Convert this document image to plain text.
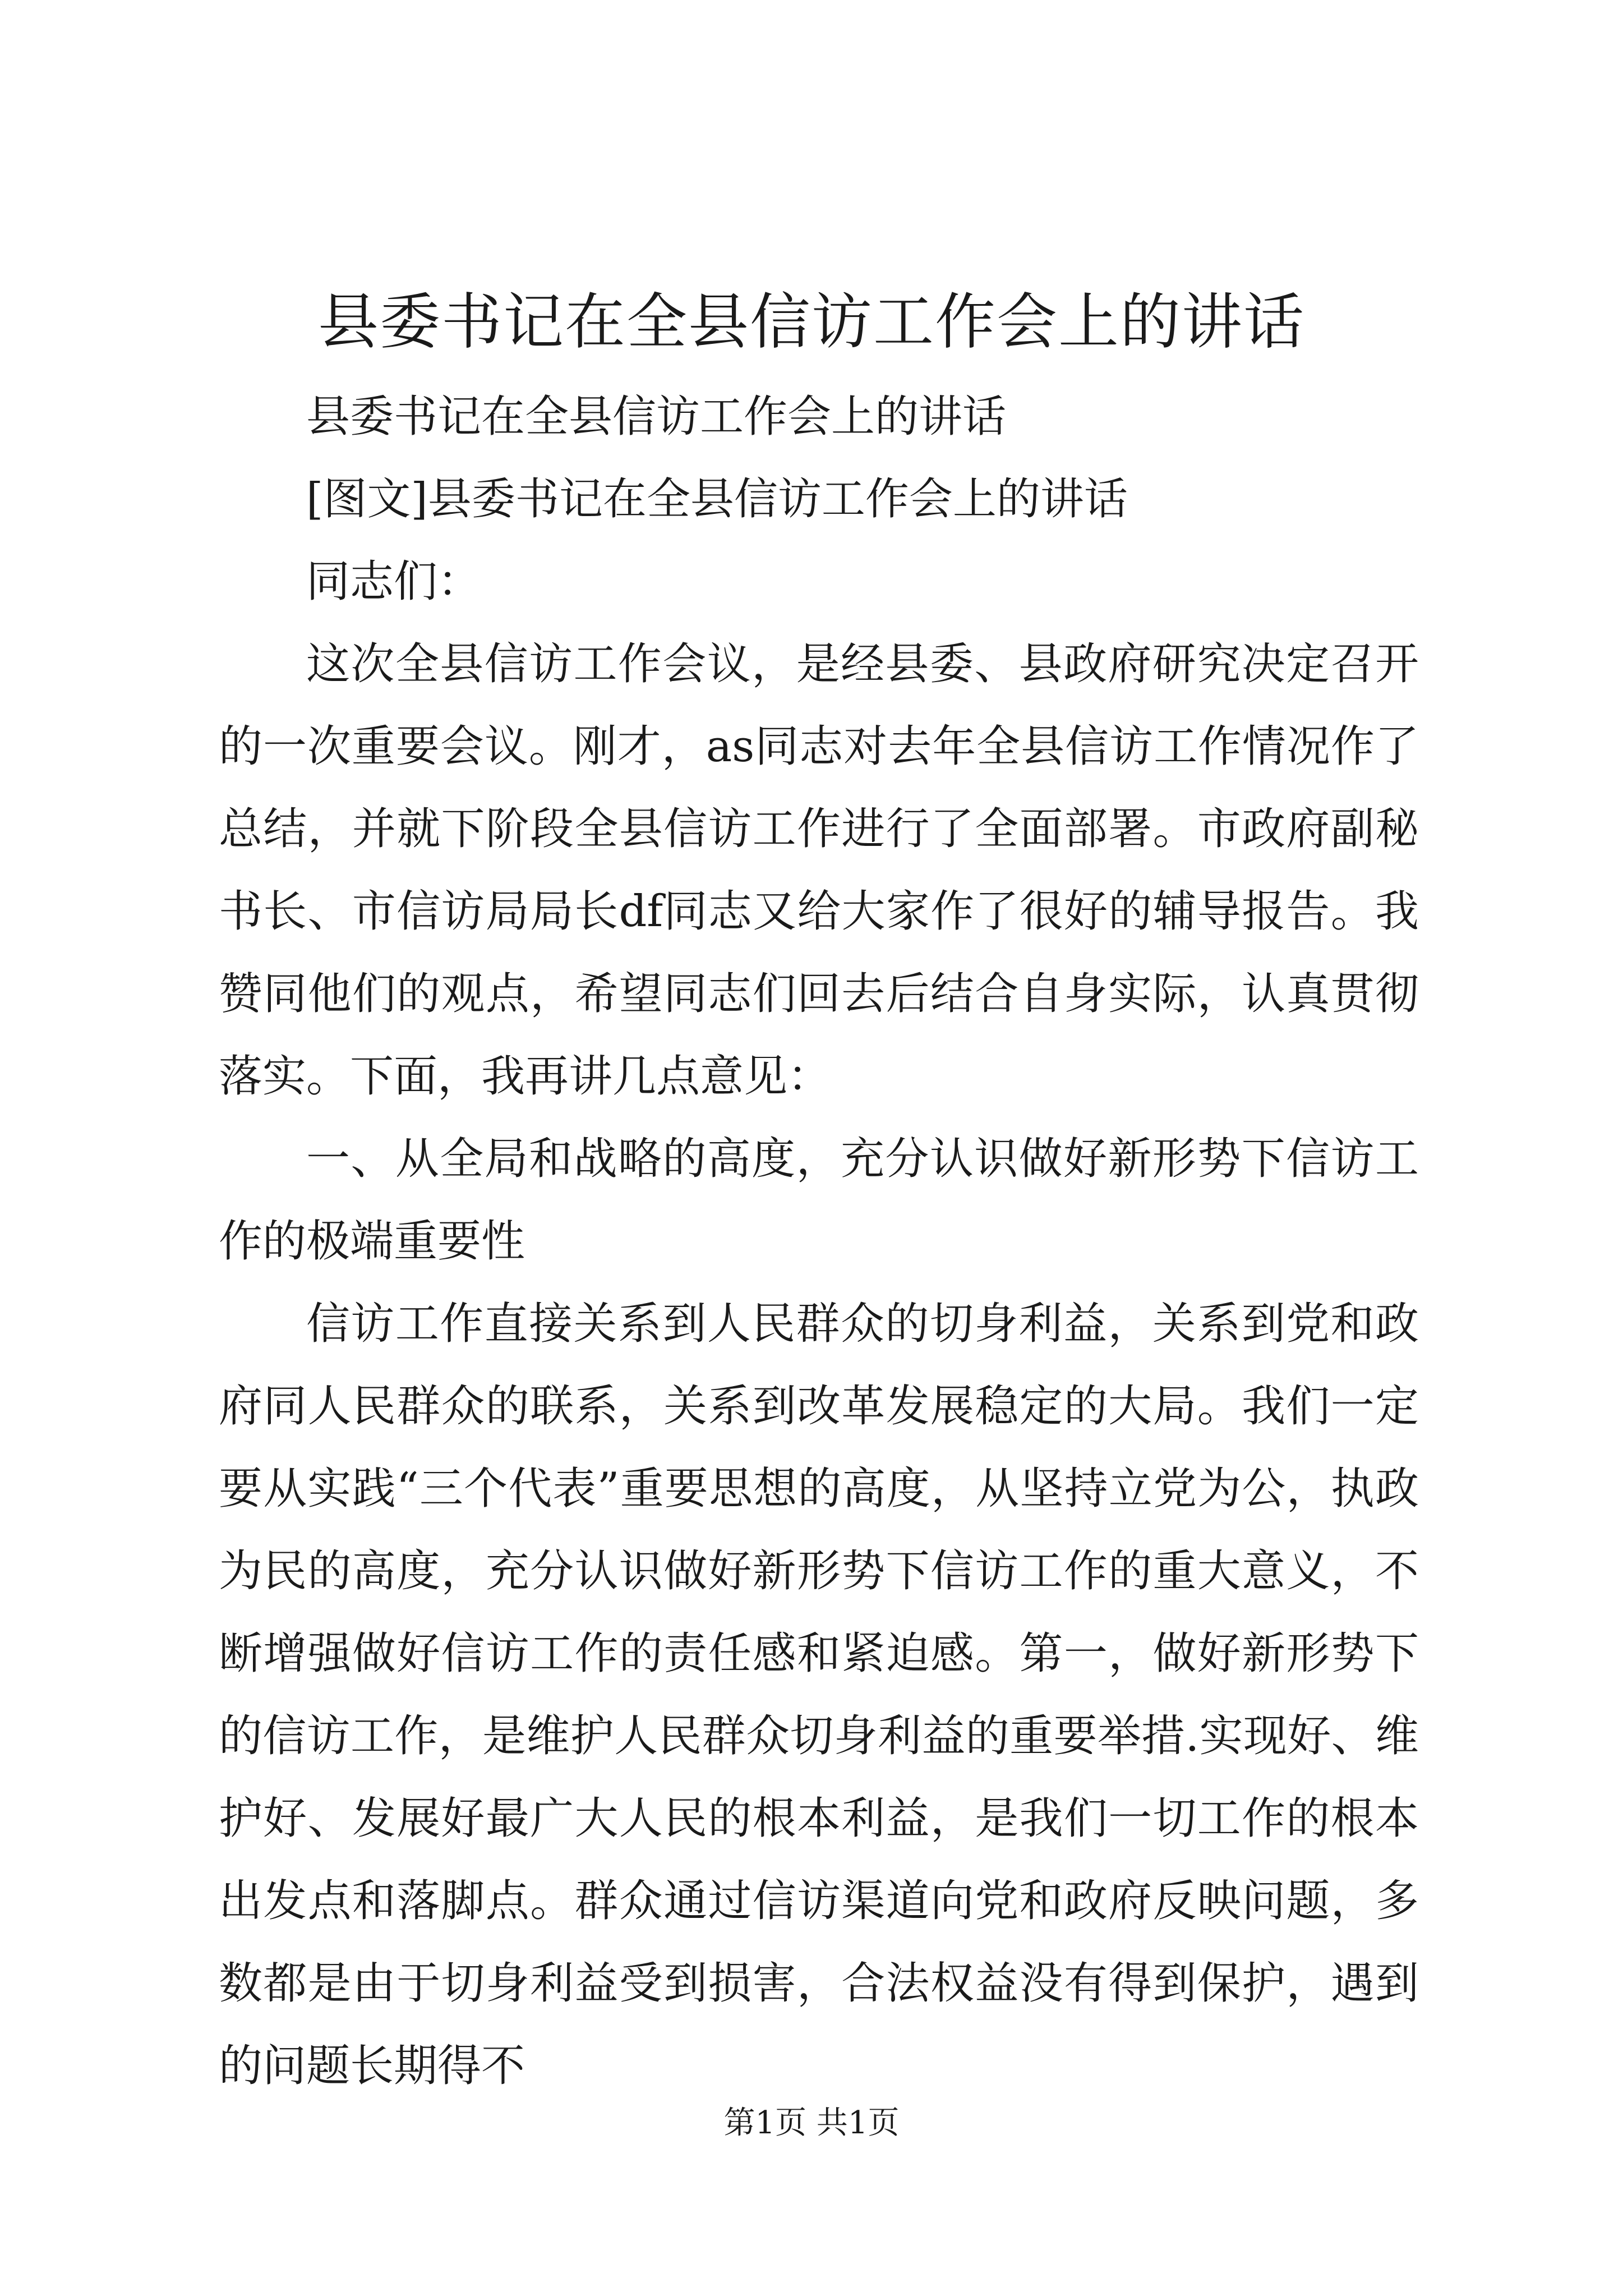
县委书记在全县信访工作会上的讲话

县委书记在全县信访工作会上的讲话

[图文]县委书记在全县信访工作会上的讲话

同志们：

这次全县信访工作会议，是经县委、县政府研究决定召开的一次重要会议。刚才，as同志对去年全县信访工作情况作了总结，并就下阶段全县信访工作进行了全面部署。市政府副秘书长、市信访局局长df同志又给大家作了很好的辅导报告。我赞同他们的观点，希望同志们回去后结合自身实际，认真贯彻落实。下面，我再讲几点意见：

一、从全局和战略的高度，充分认识做好新形势下信访工作的极端重要性

信访工作直接关系到人民群众的切身利益，关系到党和政府同人民群众的联系，关系到改革发展稳定的大局。我们一定要从实践“三个代表”重要思想的高度，从坚持立党为公，执政为民的高度，充分认识做好新形势下信访工作的重大意义，不断增强做好信访工作的责任感和紧迫感。第一，做好新形势下的信访工作，是维护人民群众切身利益的重要举措.实现好、维护好、发展好最广大人民的根本利益，是我们一切工作的根本出发点和落脚点。群众通过信访渠道向党和政府反映问题，多数都是由于切身利益受到损害，合法权益没有得到保护，遇到的问题长期得不

第1页 共1页
